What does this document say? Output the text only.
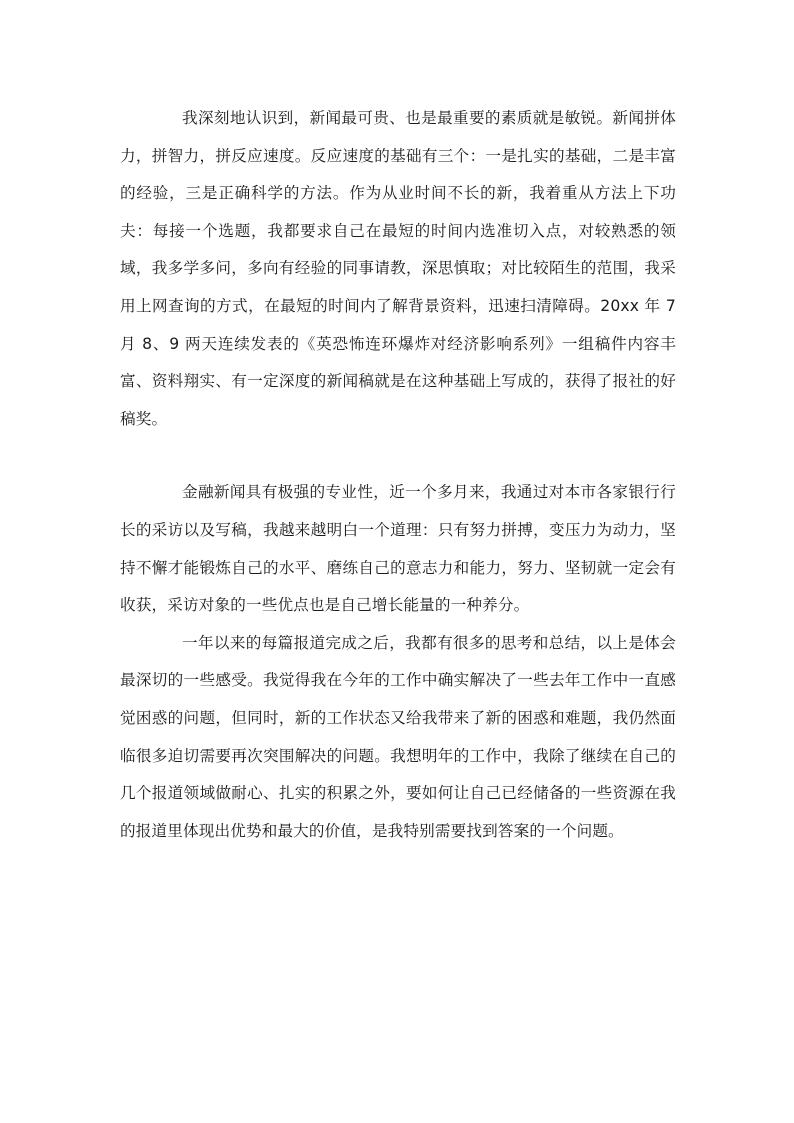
我深刻地认识到，新闻最可贵、也是最重要的素质就是敏锐。新闻拼体力，拼智力，拼反应速度。反应速度的基础有三个：一是扎实的基础，二是丰富的经验，三是正确科学的方法。作为从业时间不长的新，我着重从方法上下功夫：每接一个选题，我都要求自己在最短的时间内选准切入点，对较熟悉的领域，我多学多问，多向有经验的同事请教，深思慎取；对比较陌生的范围，我采用上网查询的方式，在最短的时间内了解背景资料，迅速扫清障碍。20xx 年 7 月 8、9 两天连续发表的《英恐怖连环爆炸对经济影响系列》一组稿件内容丰富、资料翔实、有一定深度的新闻稿就是在这种基础上写成的，获得了报社的好稿奖。

金融新闻具有极强的专业性，近一个多月来，我通过对本市各家银行行长的采访以及写稿，我越来越明白一个道理：只有努力拼搏，变压力为动力，坚持不懈才能锻炼自己的水平、磨练自己的意志力和能力，努力、坚韧就一定会有收获，采访对象的一些优点也是自己增长能量的一种养分。

一年以来的每篇报道完成之后，我都有很多的思考和总结，以上是体会最深切的一些感受。我觉得我在今年的工作中确实解决了一些去年工作中一直感觉困惑的问题，但同时，新的工作状态又给我带来了新的困惑和难题，我仍然面临很多迫切需要再次突围解决的问题。我想明年的工作中，我除了继续在自己的几个报道领域做耐心、扎实的积累之外，要如何让自己已经储备的一些资源在我的报道里体现出优势和最大的价值，是我特别需要找到答案的一个问题。
